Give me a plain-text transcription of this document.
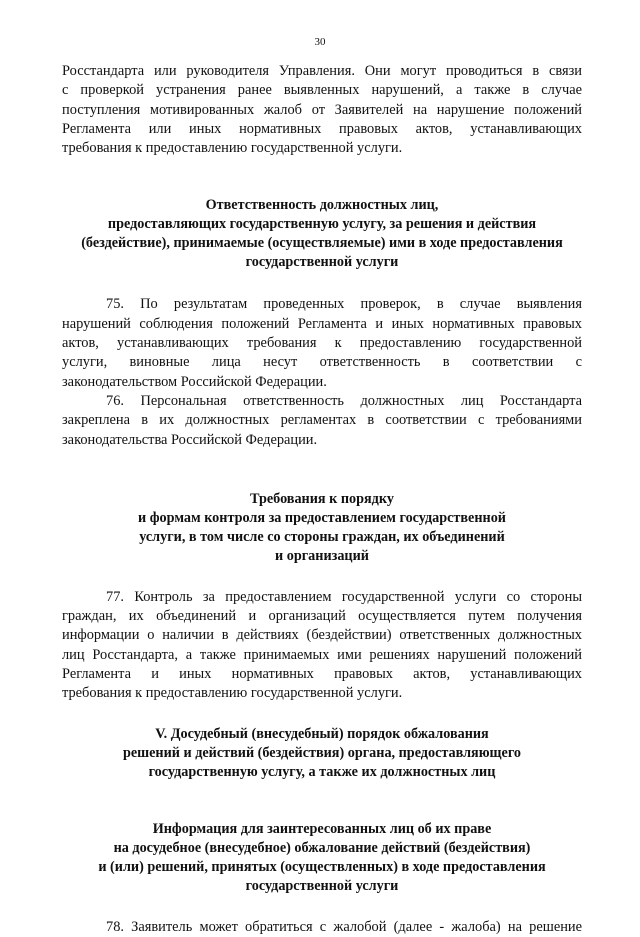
30
Росстандарта или руководителя Управления. Они могут проводиться в связи
с проверкой устранения ранее выявленных нарушений, а также в случае
поступления мотивированных жалоб от Заявителей на нарушение положений
Регламента или иных нормативных правовых актов, устанавливающих
требования к предоставлению государственной услуги.
Ответственность должностных лиц,
предоставляющих государственную услугу, за решения и действия
(бездействие), принимаемые (осуществляемые) ими в ходе предоставления
государственной услуги
75. По результатам проведенных проверок, в случае выявления
нарушений соблюдения положений Регламента и иных нормативных правовых
актов, устанавливающих требования к предоставлению государственной
услуги, виновные лица несут ответственность в соответствии с
законодательством Российской Федерации.
76. Персональная ответственность должностных лиц Росстандарта
закреплена в их должностных регламентах в соответствии с требованиями
законодательства Российской Федерации.
Требования к порядку
и формам контроля за предоставлением государственной
услуги, в том числе со стороны граждан, их объединений
и организаций
77. Контроль за предоставлением государственной услуги со стороны
граждан, их объединений и организаций осуществляется путем получения
информации о наличии в действиях (бездействии) ответственных должностных
лиц Росстандарта, а также принимаемых ими решениях нарушений положений
Регламента и иных нормативных правовых актов, устанавливающих
требования к предоставлению государственной услуги.
V. Досудебный (внесудебный) порядок обжалования
решений и действий (бездействия) органа, предоставляющего
государственную услугу, а также их должностных лиц
Информация для заинтересованных лиц об их праве
на досудебное (внесудебное) обжалование действий (бездействия)
и (или) решений, принятых (осуществленных) в ходе предоставления
государственной услуги
78. Заявитель может обратиться с жалобой (далее - жалоба) на решение
